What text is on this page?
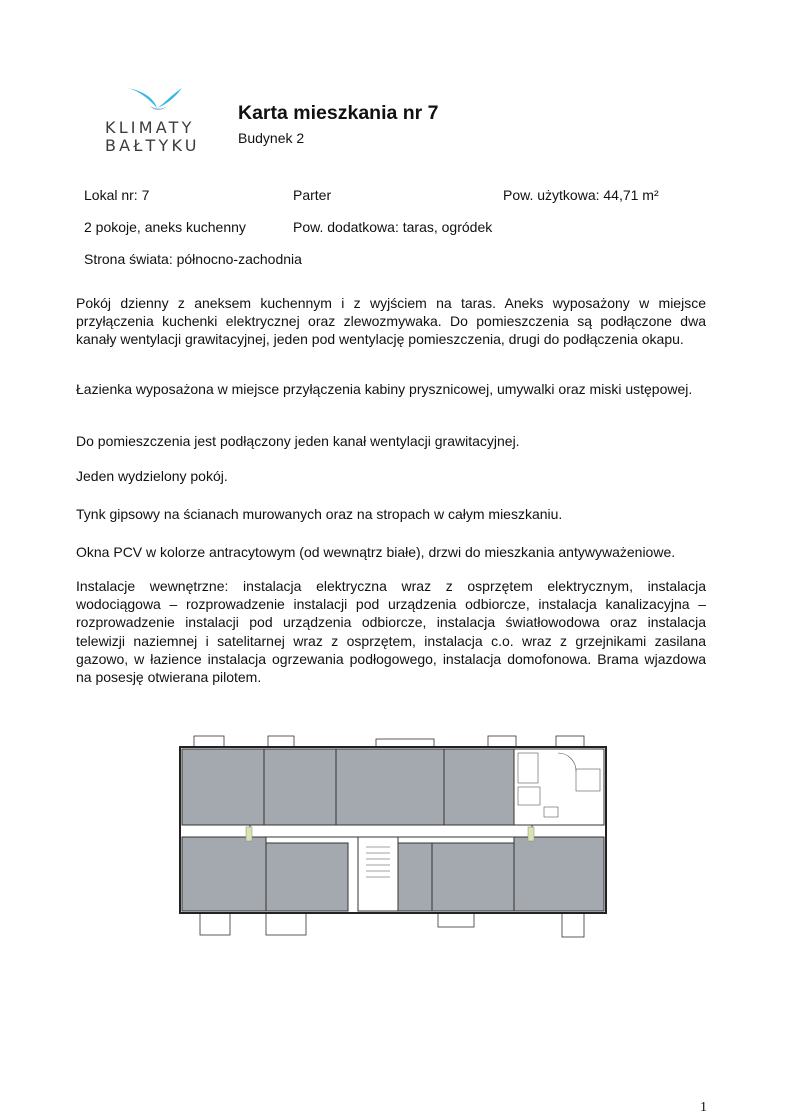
KLIMATY
BAŁTYKU
Karta mieszkania nr 7
Budynek 2
Lokal nr: 7	Parter	Pow. użytkowa: 44,71 m²
2 pokoje, aneks kuchenny	Pow. dodatkowa: taras, ogródek
Strona świata: północno-zachodnia

Pokój dzienny z aneksem kuchennym i z wyjściem na taras. Aneks wyposażony w miejsce przyłączenia kuchenki elektrycznej oraz zlewozmywaka. Do pomieszczenia są podłączone dwa kanały wentylacji grawitacyjnej, jeden pod wentylację pomieszczenia, drugi do podłączenia okapu.

Łazienka wyposażona w miejsce przyłączenia kabiny prysznicowej, umywalki oraz miski ustępowej.

Do pomieszczenia jest podłączony jeden kanał wentylacji grawitacyjnej.

Jeden wydzielony pokój.

Tynk gipsowy na ścianach murowanych oraz na stropach w całym mieszkaniu.

Okna PCV w kolorze antracytowym (od wewnątrz białe), drzwi do mieszkania antywyważeniowe.

Instalacje wewnętrzne: instalacja elektryczna wraz z osprzętem elektrycznym, instalacja wodociągowa – rozprowadzenie instalacji pod urządzenia odbiorcze, instalacja kanalizacyjna – rozprowadzenie instalacji pod urządzenia odbiorcze, instalacja światłowodowa oraz instalacja telewizji naziemnej i satelitarnej wraz z osprzętem, instalacja c.o. wraz z grzejnikami zasilana gazowo, w łazience instalacja ogrzewania podłogowego, instalacja domofonowa. Brama wjazdowa na posesję otwierana pilotem.

1
